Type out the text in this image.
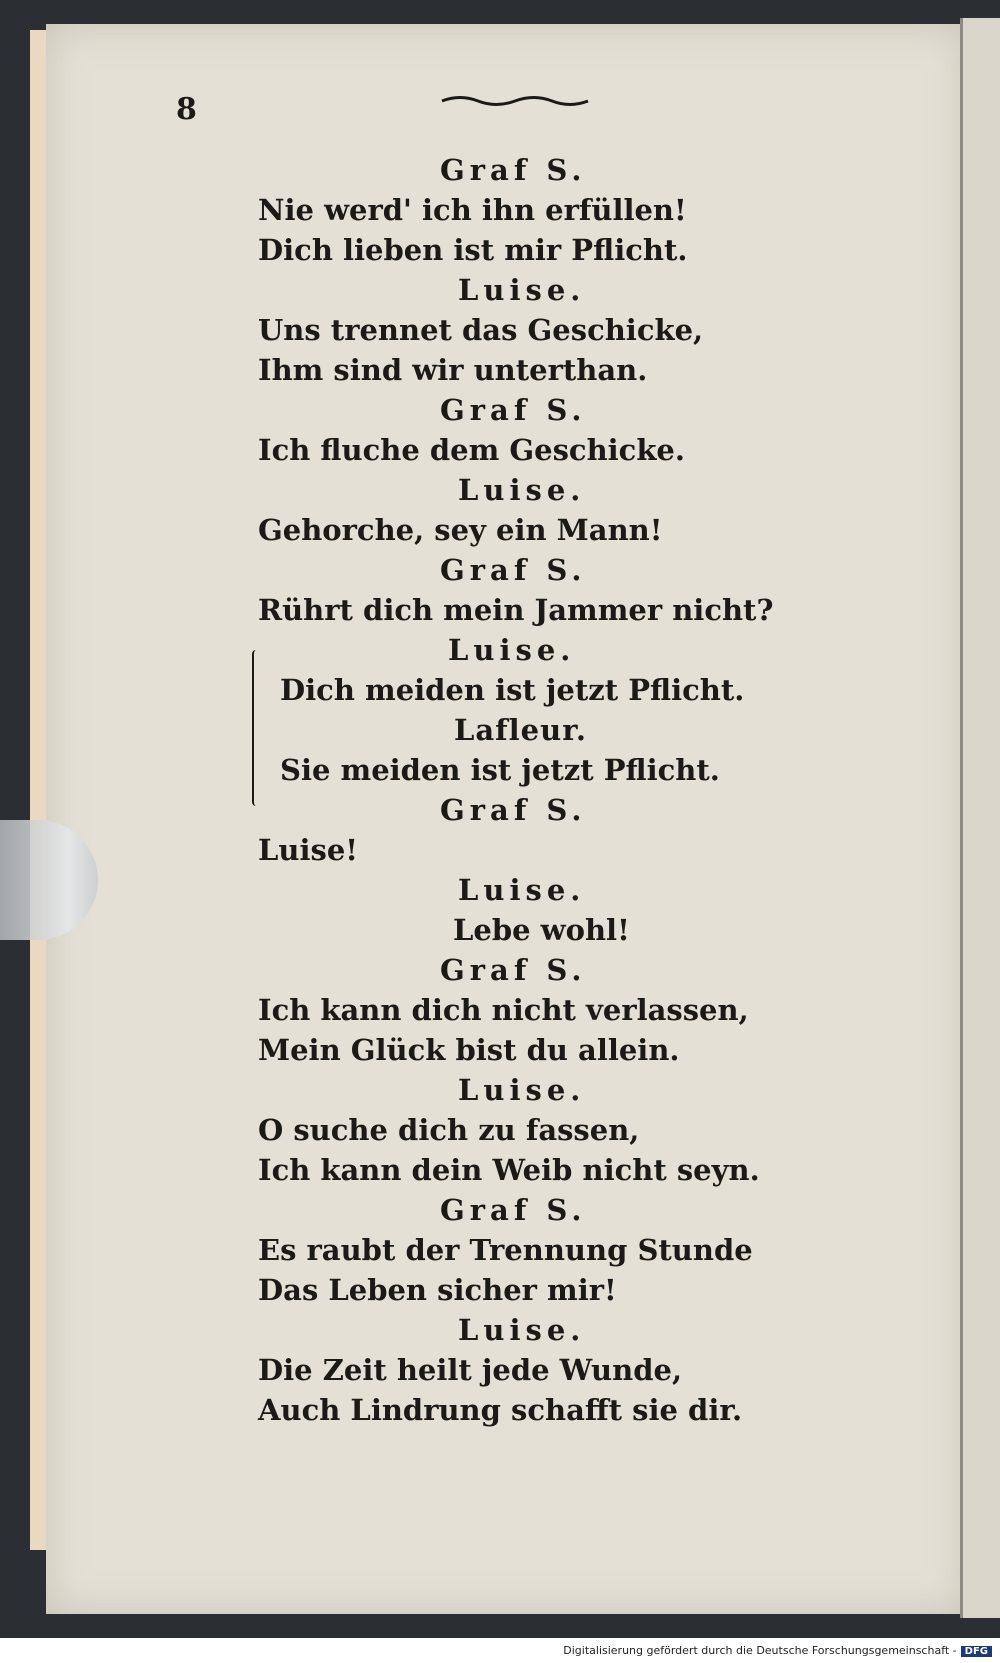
8
Graf S.
Nie werd' ich ihn erfüllen!
Dich lieben ist mir Pflicht.
Luise.
Uns trennet das Geschicke,
Ihm sind wir unterthan.
Graf S.
Ich fluche dem Geschicke.
Luise.
Gehorche, sey ein Mann!
Graf S.
Rührt dich mein Jammer nicht?
Luise.
Dich meiden ist jetzt Pflicht.
Lafleur.
Sie meiden ist jetzt Pflicht.
Graf S.
Luise!
Luise.
Lebe wohl!
Graf S.
Ich kann dich nicht verlassen,
Mein Glück bist du allein.
Luise.
O suche dich zu fassen,
Ich kann dein Weib nicht seyn.
Graf S.
Es raubt der Trennung Stunde
Das Leben sicher mir!
Luise.
Die Zeit heilt jede Wunde,
Auch Lindrung schafft sie dir.
Digitalisierung gefördert durch die Deutsche Forschungsgemeinschaft - DFG
